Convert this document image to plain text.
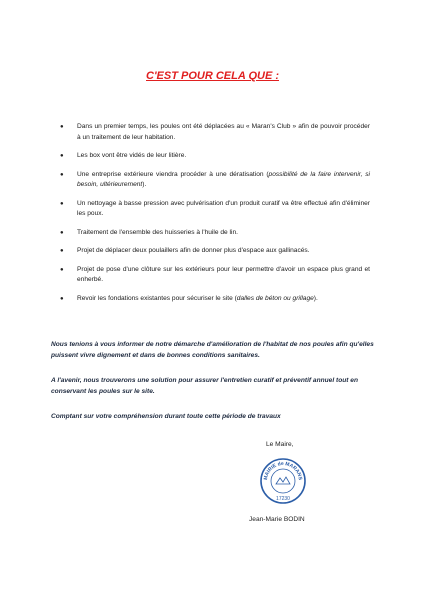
C'EST POUR CELA QUE :
● Dans un premier temps, les poules ont été déplacées au « Maran's Club » afin de pouvoir procéder à un traitement de leur habitation.
● Les box vont être vidés de leur litière.
● Une entreprise extérieure viendra procéder à une dératisation (possibilité de la faire intervenir, si besoin, ultérieurement).
● Un nettoyage à basse pression avec pulvérisation d'un produit curatif va être effectué afin d'éliminer les poux.
● Traitement de l'ensemble des huisseries à l'huile de lin.
● Projet de déplacer deux poulaillers afin de donner plus d'espace aux gallinacés.
● Projet de pose d'une clôture sur les extérieurs pour leur permettre d'avoir un espace plus grand et enherbé.
● Revoir les fondations existantes pour sécuriser le site (dalles de béton ou grillage).

Nous tenions à vous informer de notre démarche d'amélioration de l'habitat de nos poules afin qu'elles puissent vivre dignement et dans de bonnes conditions sanitaires.

A l'avenir, nous trouverons une solution pour assurer l'entretien curatif et préventif annuel tout en conservant les poules sur le site.

Comptant sur votre compréhension durant toute cette période de travaux

Le Maire,
MAIRIE de MARANS
17230
Jean-Marie BODIN
